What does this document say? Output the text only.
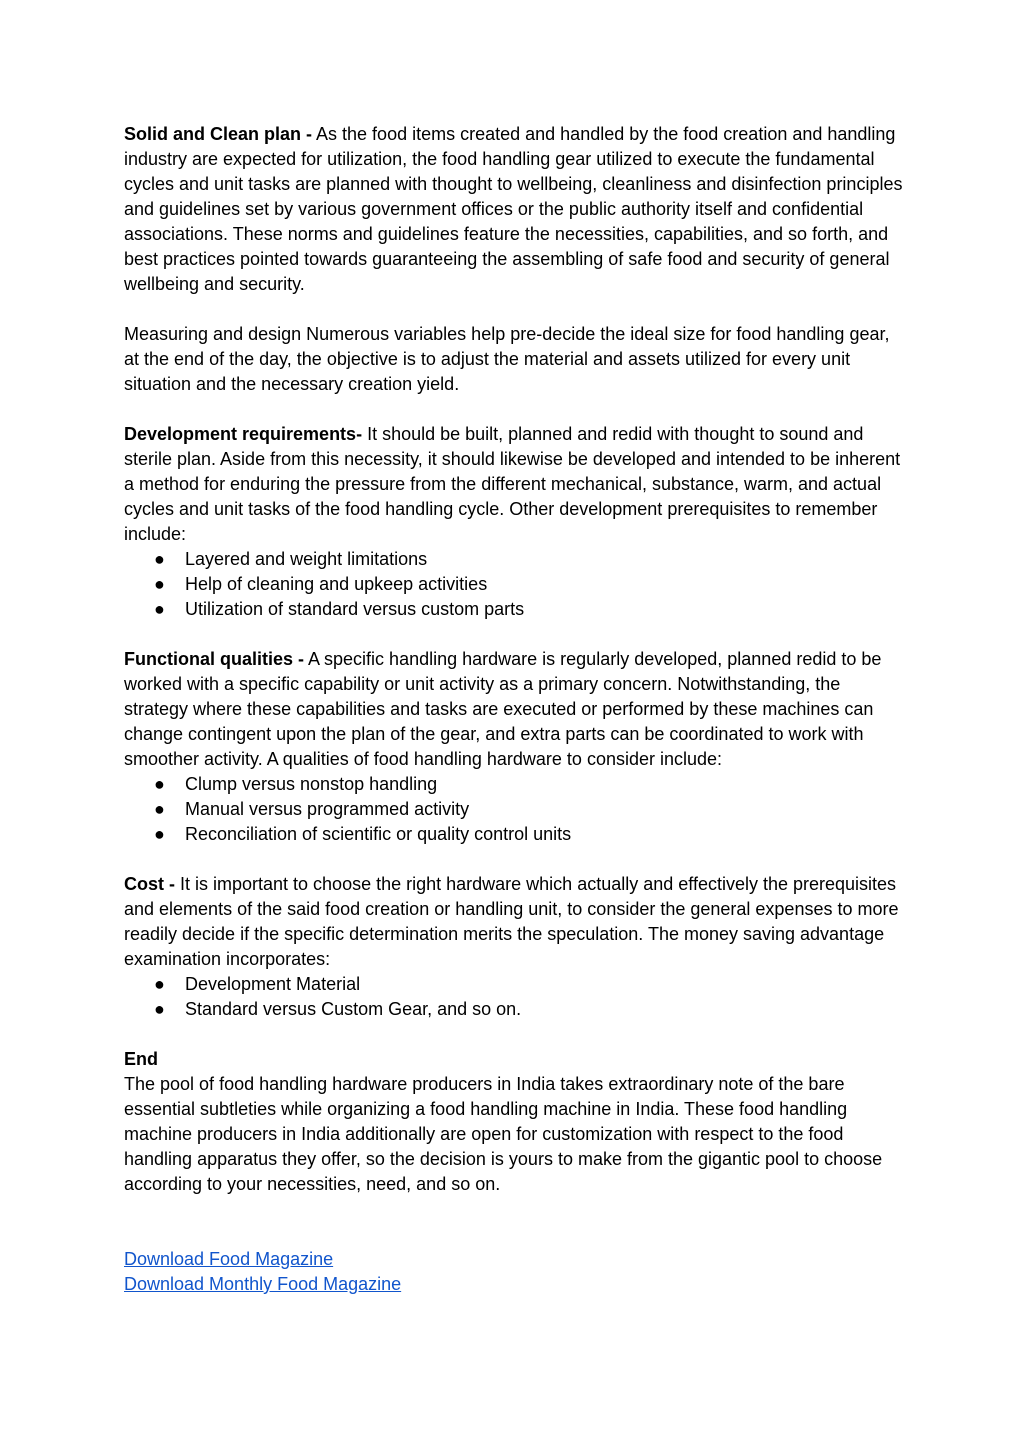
Solid and Clean plan - As the food items created and handled by the food creation and handling industry are expected for utilization, the food handling gear utilized to execute the fundamental cycles and unit tasks are planned with thought to wellbeing, cleanliness and disinfection principles and guidelines set by various government offices or the public authority itself and confidential associations. These norms and guidelines feature the necessities, capabilities, and so forth, and best practices pointed towards guaranteeing the assembling of safe food and security of general wellbeing and security.

Measuring and design Numerous variables help pre-decide the ideal size for food handling gear, at the end of the day, the objective is to adjust the material and assets utilized for every unit situation and the necessary creation yield.

Development requirements- It should be built, planned and redid with thought to sound and sterile plan. Aside from this necessity, it should likewise be developed and intended to be inherent a method for enduring the pressure from the different mechanical, substance, warm, and actual cycles and unit tasks of the food handling cycle. Other development prerequisites to remember include:

● Layered and weight limitations
● Help of cleaning and upkeep activities
● Utilization of standard versus custom parts

Functional qualities - A specific handling hardware is regularly developed, planned redid to be worked with a specific capability or unit activity as a primary concern. Notwithstanding, the strategy where these capabilities and tasks are executed or performed by these machines can change contingent upon the plan of the gear, and extra parts can be coordinated to work with smoother activity. A qualities of food handling hardware to consider include:

● Clump versus nonstop handling
● Manual versus programmed activity
● Reconciliation of scientific or quality control units

Cost - It is important to choose the right hardware which actually and effectively the prerequisites and elements of the said food creation or handling unit, to consider the general expenses to more readily decide if the specific determination merits the speculation. The money saving advantage examination incorporates:

● Development Material
● Standard versus Custom Gear, and so on.

End

The pool of food handling hardware producers in India takes extraordinary note of the bare essential subtleties while organizing a food handling machine in India. These food handling machine producers in India additionally are open for customization with respect to the food handling apparatus they offer, so the decision is yours to make from the gigantic pool to choose according to your necessities, need, and so on.

Download Food Magazine
Download Monthly Food Magazine
